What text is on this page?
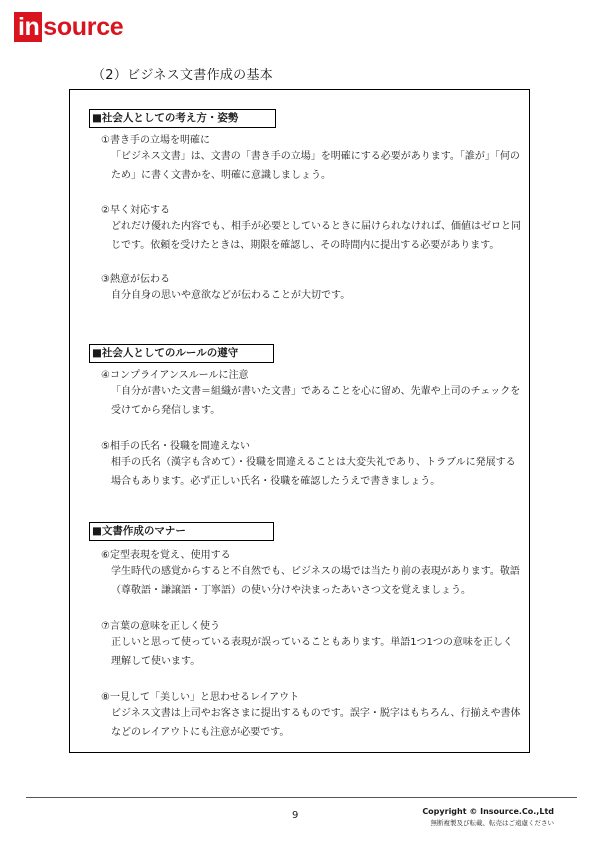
in source
（2）ビジネス文書作成の基本
■社会人としての考え方・姿勢
①書き手の立場を明確に
「ビジネス文書」は、文書の「書き手の立場」を明確にする必要があります。「誰が」「何のため」に書く文書かを、明確に意識しましょう。
②早く対応する
どれだけ優れた内容でも、相手が必要としているときに届けられなければ、価値はゼロと同じです。依頼を受けたときは、期限を確認し、その時間内に提出する必要があります。
③熱意が伝わる
自分自身の思いや意欲などが伝わることが大切です。
■社会人としてのルールの遵守
④コンプライアンスルールに注意
「自分が書いた文書＝組織が書いた文書」であることを心に留め、先輩や上司のチェックを受けてから発信します。
⑤相手の氏名・役職を間違えない
相手の氏名（漢字も含めて）・役職を間違えることは大変失礼であり、トラブルに発展する場合もあります。必ず正しい氏名・役職を確認したうえで書きましょう。
■文書作成のマナー
⑥定型表現を覚え、使用する
学生時代の感覚からすると不自然でも、ビジネスの場では当たり前の表現があります。敬語（尊敬語・謙譲語・丁寧語）の使い分けや決まったあいさつ文を覚えましょう。
⑦言葉の意味を正しく使う
正しいと思って使っている表現が誤っていることもあります。単語1つ1つの意味を正しく理解して使います。
⑧一見して「美しい」と思わせるレイアウト
ビジネス文書は上司やお客さまに提出するものです。誤字・脱字はもちろん、行揃えや書体などのレイアウトにも注意が必要です。
9	Copyright © Insource.Co.,Ltd
無断複製及び転載、転売はご遠慮ください
